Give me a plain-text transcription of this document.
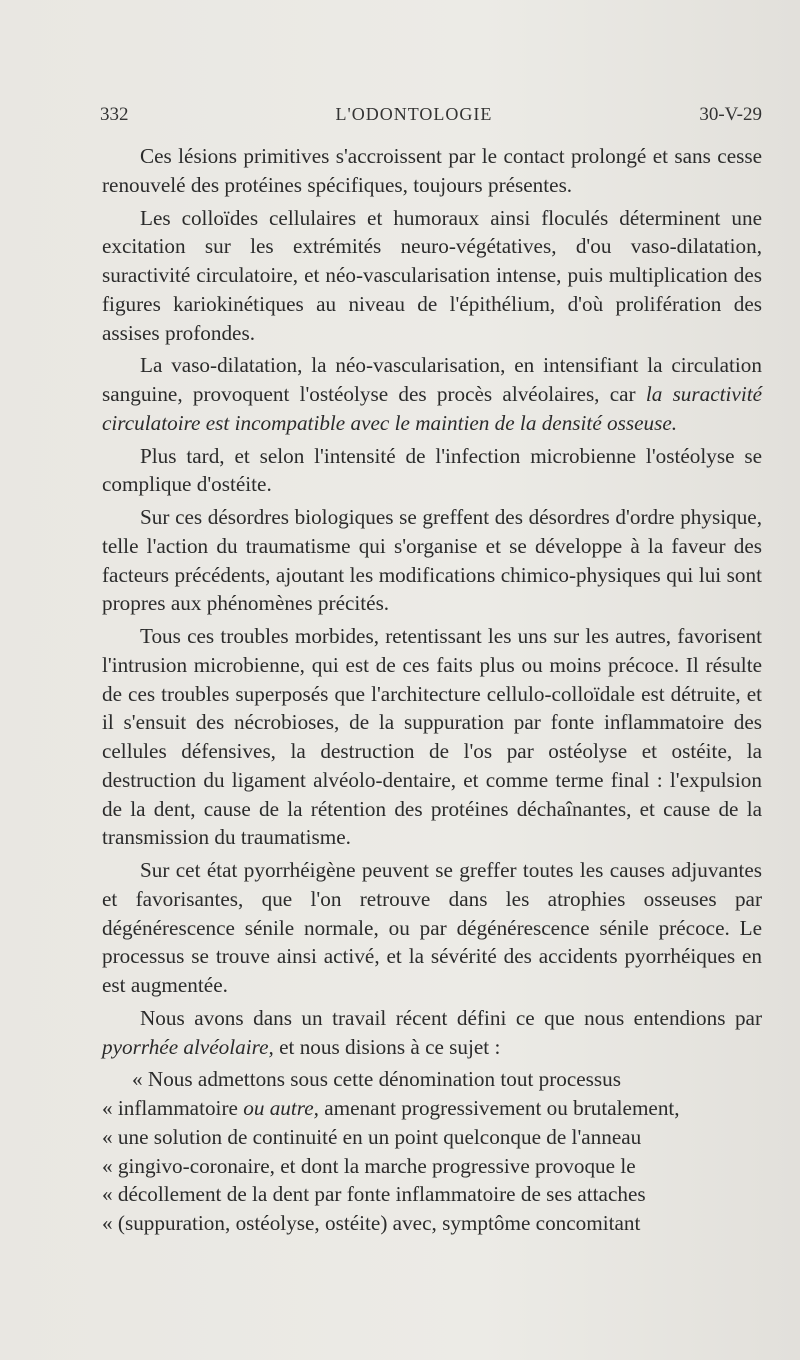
332	L'ODONTOLOGIE	30-V-29

Ces lésions primitives s'accroissent par le contact prolongé et sans cesse renouvelé des protéines spécifiques, toujours présentes.

Les colloïdes cellulaires et humoraux ainsi floculés déterminent une excitation sur les extrémités neuro-végétatives, d'ou vaso-dilatation, suractivité circulatoire, et néo-vascularisation intense, puis multiplication des figures kariokinétiques au niveau de l'épithélium, d'où prolifération des assises profondes.

La vaso-dilatation, la néo-vascularisation, en intensifiant la circulation sanguine, provoquent l'ostéolyse des procès alvéolaires, car la suractivité circulatoire est incompatible avec le maintien de la densité osseuse.

Plus tard, et selon l'intensité de l'infection microbienne l'ostéolyse se complique d'ostéite.

Sur ces désordres biologiques se greffent des désordres d'ordre physique, telle l'action du traumatisme qui s'organise et se développe à la faveur des facteurs précédents, ajoutant les modifications chimico-physiques qui lui sont propres aux phénomènes précités.

Tous ces troubles morbides, retentissant les uns sur les autres, favorisent l'intrusion microbienne, qui est de ces faits plus ou moins précoce. Il résulte de ces troubles superposés que l'architecture cellulo-colloïdale est détruite, et il s'ensuit des nécrobioses, de la suppuration par fonte inflammatoire des cellules défensives, la destruction de l'os par ostéolyse et ostéite, la destruction du ligament alvéolo-dentaire, et comme terme final : l'expulsion de la dent, cause de la rétention des protéines déchaînantes, et cause de la transmission du traumatisme.

Sur cet état pyorrhéigène peuvent se greffer toutes les causes adjuvantes et favorisantes, que l'on retrouve dans les atrophies osseuses par dégénérescence sénile normale, ou par dégénérescence sénile précoce. Le processus se trouve ainsi activé, et la sévérité des accidents pyorrhéiques en est augmentée.

Nous avons dans un travail récent défini ce que nous entendions par pyorrhée alvéolaire, et nous disions à ce sujet :

« Nous admettons sous cette dénomination tout processus

« inflammatoire ou autre, amenant progressivement ou brutalement,

« une solution de continuité en un point quelconque de l'anneau

« gingivo-coronaire, et dont la marche progressive provoque le

« décollement de la dent par fonte inflammatoire de ses attaches

« (suppuration, ostéolyse, ostéite) avec, symptôme concomitant
